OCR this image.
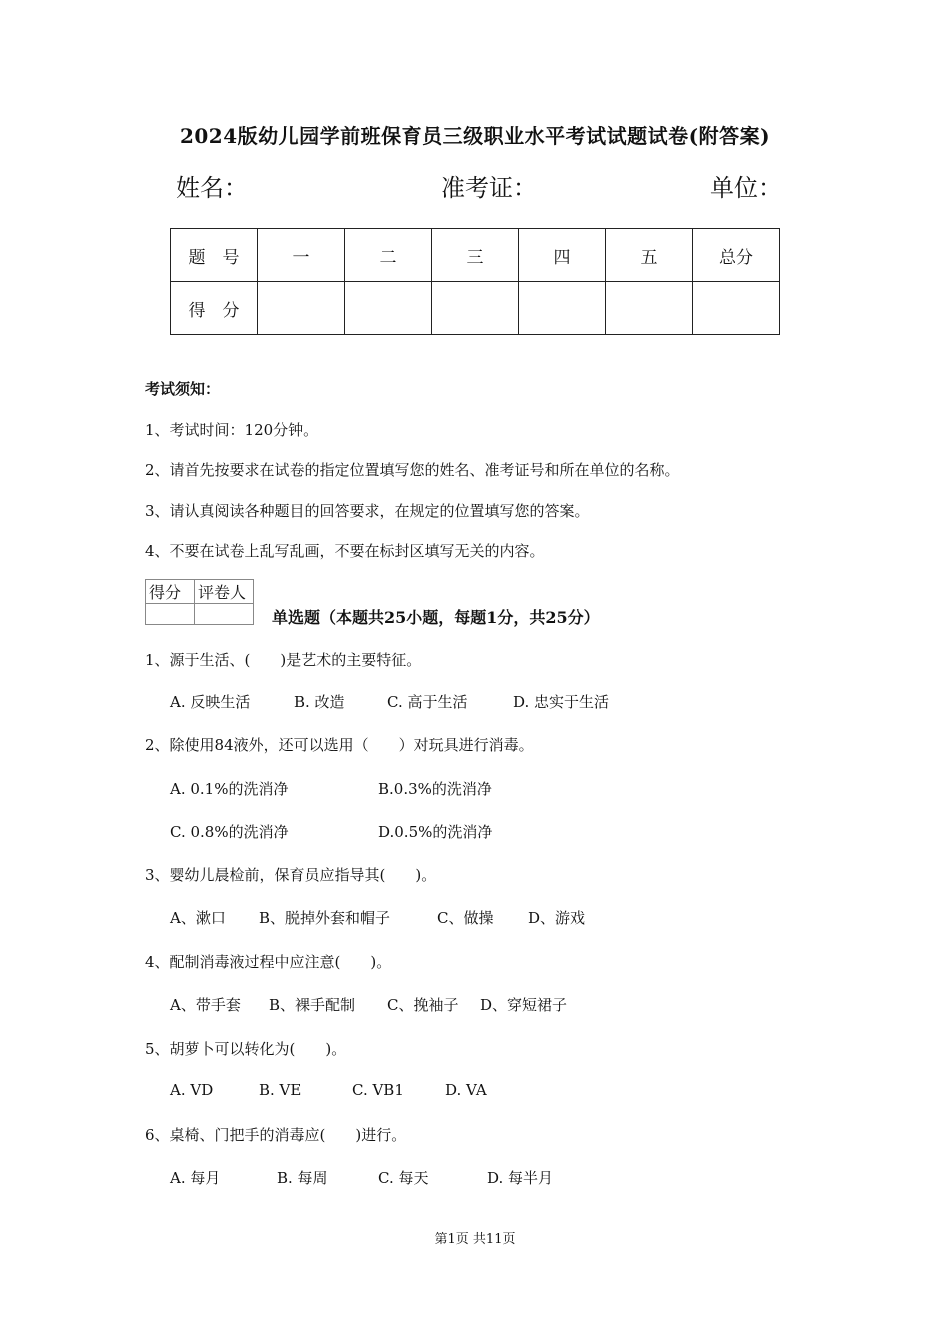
2024版幼儿园学前班保育员三级职业水平考试试题试卷(附答案)
姓名：	准考证：	单位：
题　号	一	二	三	四	五	总分
得　分						
考试须知：
1、考试时间：120分钟。
2、请首先按要求在试卷的指定位置填写您的姓名、准考证号和所在单位的名称。
3、请认真阅读各种题目的回答要求，在规定的位置填写您的答案。
4、不要在试卷上乱写乱画，不要在标封区填写无关的内容。
得分	评卷人

单选题（本题共25小题，每题1分，共25分）
1、源于生活、(　　)是艺术的主要特征。
A. 反映生活	B. 改造	C. 高于生活	D. 忠实于生活
2、除使用84液外，还可以选用（　　）对玩具进行消毒。
A. 0.1%的洗消净	B.0.3%的洗消净
C. 0.8%的洗消净	D.0.5%的洗消净
3、婴幼儿晨检前，保育员应指导其(　　)。
A、漱口 B、脱掉外套和帽子	C、做操 D、游戏
4、配制消毒液过程中应注意(　　)。
A、带手套 B、裸手配制 C、挽袖子 D、穿短裙子
5、胡萝卜可以转化为(　　)。
A. VD	B. VE	C. VB1	D. VA
6、桌椅、门把手的消毒应(　　)进行。
A. 每月	B. 每周	C. 每天	D. 每半月
第1页 共11页
